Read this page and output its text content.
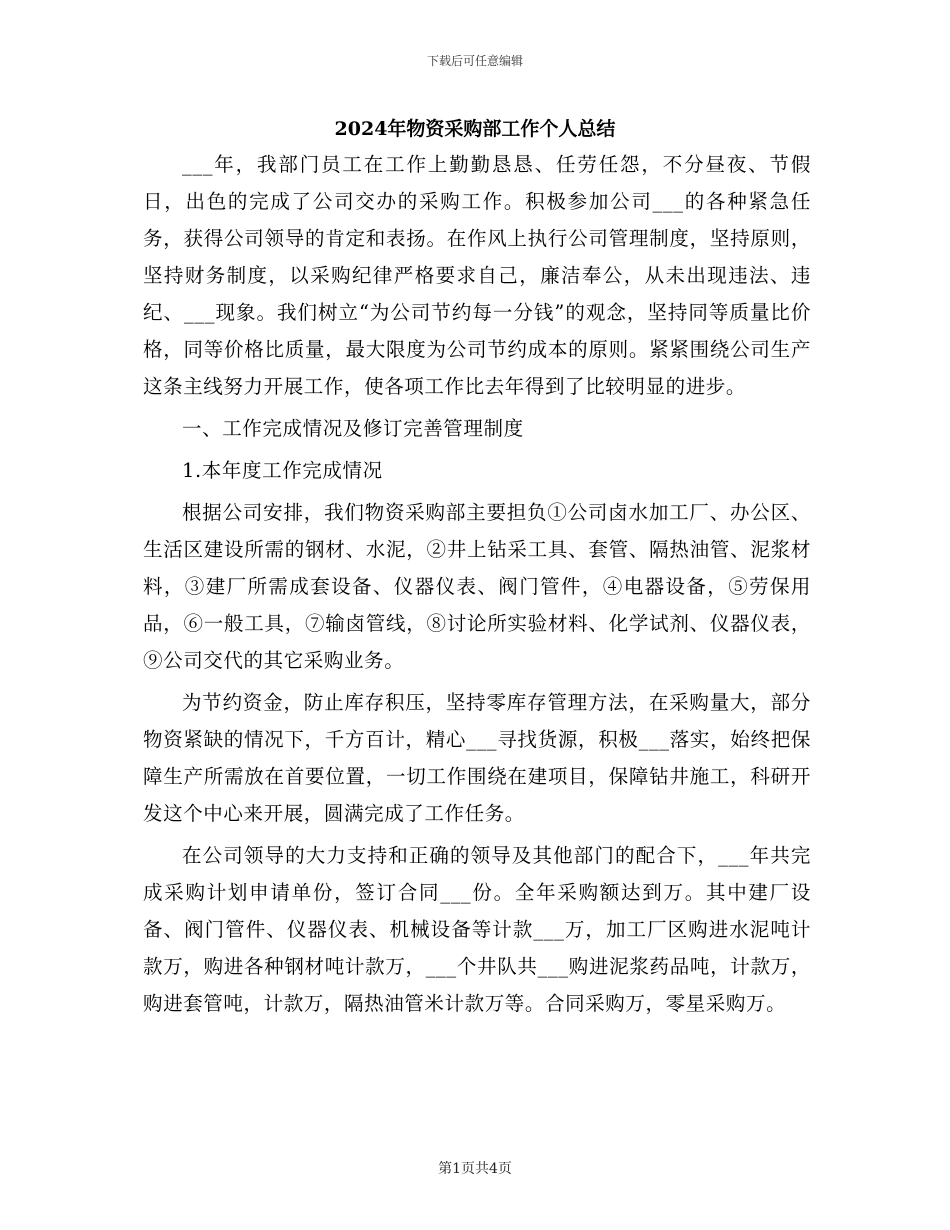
下载后可任意编辑
2024年物资采购部工作个人总结

___年，我部门员工在工作上勤勤恳恳、任劳任怨，不分昼夜、节假日，出色的完成了公司交办的采购工作。积极参加公司___的各种紧急任务，获得公司领导的肯定和表扬。在作风上执行公司管理制度，坚持原则，坚持财务制度，以采购纪律严格要求自己，廉洁奉公，从未出现违法、违纪、___现象。我们树立“为公司节约每一分钱”的观念，坚持同等质量比价格，同等价格比质量，最大限度为公司节约成本的原则。紧紧围绕公司生产这条主线努力开展工作，使各项工作比去年得到了比较明显的进步。

一、工作完成情况及修订完善管理制度

1.本年度工作完成情况

根据公司安排，我们物资采购部主要担负①公司卤水加工厂、办公区、生活区建设所需的钢材、水泥，②井上钻采工具、套管、隔热油管、泥浆材料，③建厂所需成套设备、仪器仪表、阀门管件，④电器设备，⑤劳保用品，⑥一般工具，⑦输卤管线，⑧讨论所实验材料、化学试剂、仪器仪表，⑨公司交代的其它采购业务。

为节约资金，防止库存积压，坚持零库存管理方法，在采购量大，部分物资紧缺的情况下，千方百计，精心___寻找货源，积极___落实，始终把保障生产所需放在首要位置，一切工作围绕在建项目，保障钻井施工，科研开发这个中心来开展，圆满完成了工作任务。

在公司领导的大力支持和正确的领导及其他部门的配合下，___年共完成采购计划申请单份，签订合同___份。全年采购额达到万。其中建厂设备、阀门管件、仪器仪表、机械设备等计款___万，加工厂区购进水泥吨计款万，购进各种钢材吨计款万，___个井队共___购进泥浆药品吨，计款万，购进套管吨，计款万，隔热油管米计款万等。合同采购万，零星采购万。

第1页共4页
